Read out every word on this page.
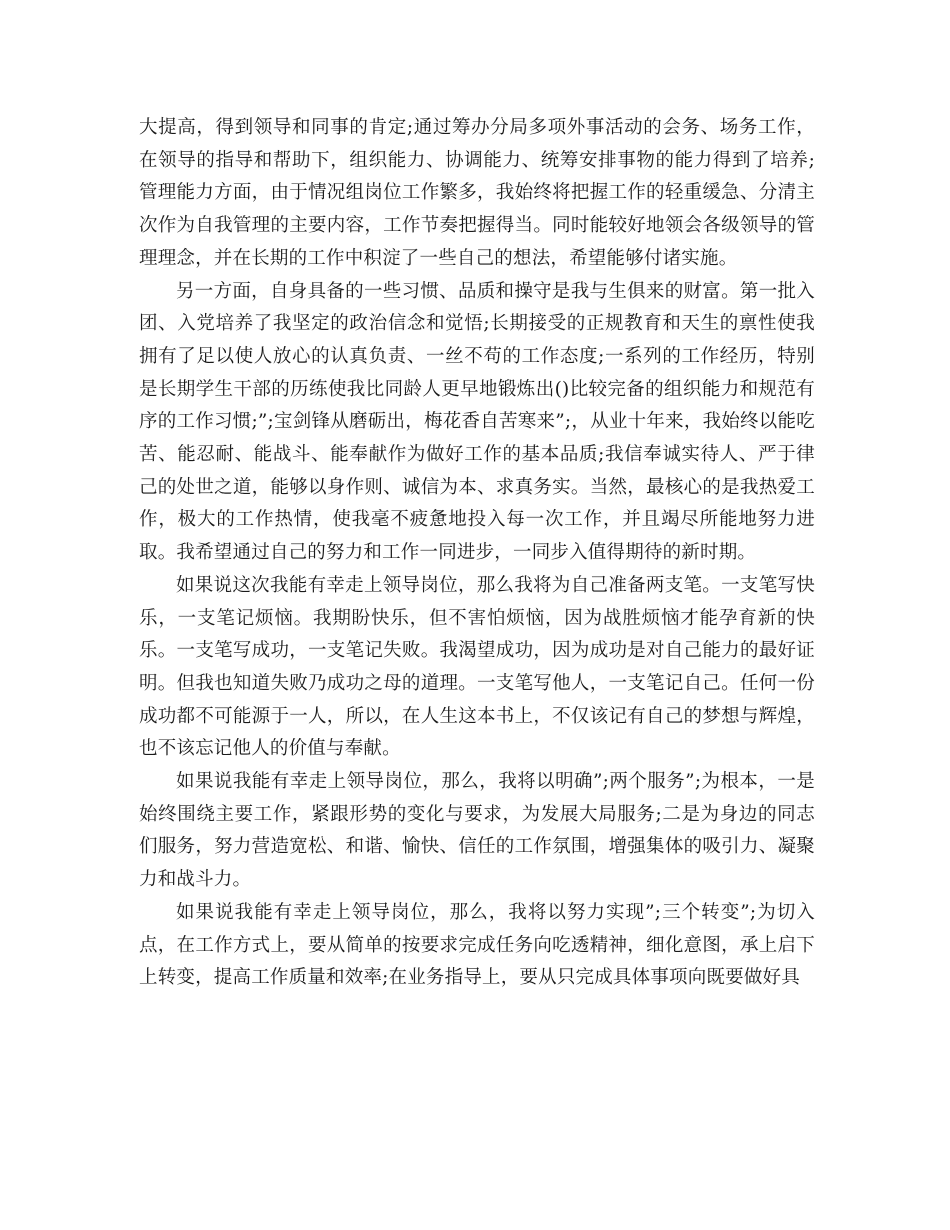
大提高，得到领导和同事的肯定;通过筹办分局多项外事活动的会务、场务工作，在领导的指导和帮助下，组织能力、协调能力、统筹安排事物的能力得到了培养;管理能力方面，由于情况组岗位工作繁多，我始终将把握工作的轻重缓急、分清主次作为自我管理的主要内容，工作节奏把握得当。同时能较好地领会各级领导的管理理念，并在长期的工作中积淀了一些自己的想法，希望能够付诸实施。

另一方面，自身具备的一些习惯、品质和操守是我与生俱来的财富。第一批入团、入党培养了我坚定的政治信念和觉悟;长期接受的正规教育和天生的禀性使我拥有了足以使人放心的认真负责、一丝不苟的工作态度;一系列的工作经历，特别是长期学生干部的历练使我比同龄人更早地锻炼出()比较完备的组织能力和规范有序的工作习惯;”;宝剑锋从磨砺出，梅花香自苦寒来”;，从业十年来，我始终以能吃苦、能忍耐、能战斗、能奉献作为做好工作的基本品质;我信奉诚实待人、严于律己的处世之道，能够以身作则、诚信为本、求真务实。当然，最核心的是我热爱工作，极大的工作热情，使我毫不疲惫地投入每一次工作，并且竭尽所能地努力进取。我希望通过自己的努力和工作一同进步，一同步入值得期待的新时期。

如果说这次我能有幸走上领导岗位，那么我将为自己准备两支笔。一支笔写快乐，一支笔记烦恼。我期盼快乐，但不害怕烦恼，因为战胜烦恼才能孕育新的快乐。一支笔写成功，一支笔记失败。我渴望成功，因为成功是对自己能力的最好证明。但我也知道失败乃成功之母的道理。一支笔写他人，一支笔记自己。任何一份成功都不可能源于一人，所以，在人生这本书上，不仅该记有自己的梦想与辉煌，也不该忘记他人的价值与奉献。

如果说我能有幸走上领导岗位，那么，我将以明确”;两个服务”;为根本，一是始终围绕主要工作，紧跟形势的变化与要求，为发展大局服务;二是为身边的同志们服务，努力营造宽松、和谐、愉快、信任的工作氛围，增强集体的吸引力、凝聚力和战斗力。

如果说我能有幸走上领导岗位，那么，我将以努力实现”;三个转变”;为切入点，在工作方式上，要从简单的按要求完成任务向吃透精神，细化意图，承上启下上转变，提高工作质量和效率;在业务指导上，要从只完成具体事项向既要做好具
